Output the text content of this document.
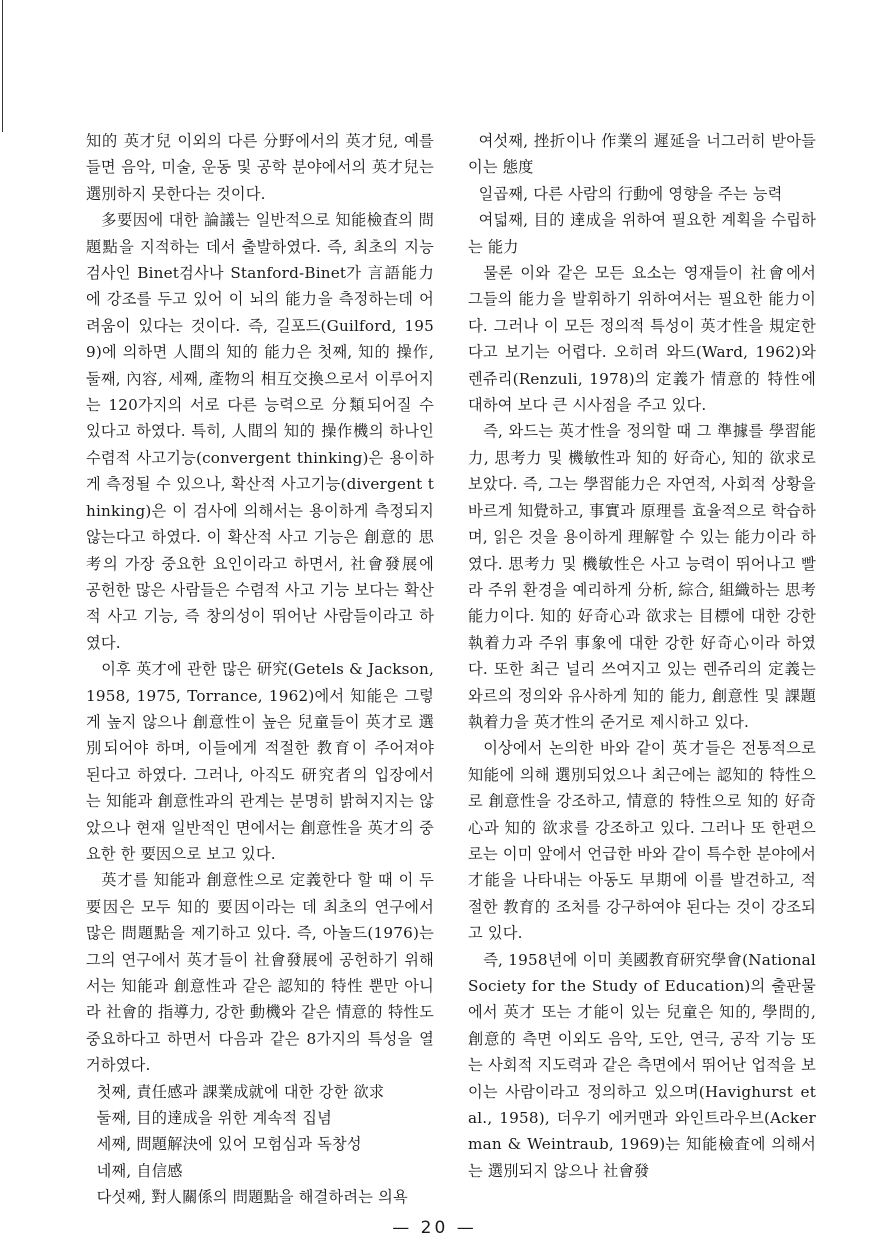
知的 英才兒 이외의 다른 分野에서의 英才兒, 예를 들면 음악, 미술, 운동 및 공학 분야에서의 英才兒는 選別하지 못한다는 것이다.

多要因에 대한 論議는 일반적으로 知能檢査의 問題點을 지적하는 데서 출발하였다. 즉, 최초의 지능 검사인 Binet검사나 Stanford-Binet가 言語能力에 강조를 두고 있어 이 뇌의 能力을 측정하는데 어려움이 있다는 것이다. 즉, 길포드(Guilford, 1959)에 의하면 人間의 知的 能力은 첫째, 知的 操作, 둘째, 內容, 세째, 產物의 相互交換으로서 이루어지는 120가지의 서로 다른 능력으로 分類되어질 수 있다고 하였다. 특히, 人間의 知的 操作機의 하나인 수렴적 사고기능(convergent thinking)은 용이하게 측정될 수 있으나, 확산적 사고기능(divergent thinking)은 이 검사에 의해서는 용이하게 측정되지 않는다고 하였다. 이 확산적 사고 기능은 創意的 思考의 가장 중요한 요인이라고 하면서, 社會發展에 공헌한 많은 사람들은 수렴적 사고 기능 보다는 확산적 사고 기능, 즉 창의성이 뛰어난 사람들이라고 하였다.

이후 英才에 관한 많은 研究(Getels & Jackson, 1958, 1975, Torrance, 1962)에서 知能은 그렇게 높지 않으나 創意性이 높은 兒童들이 英才로 選別되어야 하며, 이들에게 적절한 教育이 주어져야 된다고 하였다. 그러나, 아직도 研究者의 입장에서는 知能과 創意性과의 관계는 분명히 밝혀지지는 않았으나 현재 일반적인 면에서는 創意性을 英才의 중요한 한 要因으로 보고 있다.

英才를 知能과 創意性으로 定義한다 할 때 이 두 要因은 모두 知的 要因이라는 데 최초의 연구에서 많은 問題點을 제기하고 있다. 즉, 아놀드(1976)는 그의 연구에서 英才들이 社會發展에 공헌하기 위해서는 知能과 創意性과 같은 認知的 特性 뿐만 아니라 社會的 指導力, 강한 動機와 같은 情意的 特性도 중요하다고 하면서 다음과 같은 8가지의 특성을 열거하였다.

첫째, 責任感과 課業成就에 대한 강한 欲求

둘째, 目的達成을 위한 계속적 집념

세째, 問題解決에 있어 모험심과 독창성

네째, 自信感

다섯째, 對人關係의 問題點을 해결하려는 의욕

여섯째, 挫折이나 作業의 遲延을 너그러히 받아들이는 態度

일곱째, 다른 사람의 行動에 영향을 주는 능력

여덟째, 目的 達成을 위하여 필요한 계획을 수립하는 能力

물론 이와 같은 모든 요소는 영재들이 社會에서 그들의 能力을 발휘하기 위하여서는 필요한 能力이다. 그러나 이 모든 정의적 특성이 英才性을 規定한다고 보기는 어렵다. 오히려 와드(Ward, 1962)와 렌쥬리(Renzuli, 1978)의 定義가 情意的 特性에 대하여 보다 큰 시사점을 주고 있다.

즉, 와드는 英才性을 정의할 때 그 準據를 學習能力, 思考力 및 機敏性과 知的 好奇心, 知的 欲求로 보았다. 즉, 그는 學習能力은 자연적, 사회적 상황을 바르게 知覺하고, 事實과 原理를 효율적으로 학습하며, 읽은 것을 용이하게 理解할 수 있는 能力이라 하였다. 思考力 및 機敏性은 사고 능력이 뛰어나고 빨라 주위 환경을 예리하게 分析, 綜合, 組織하는 思考能力이다. 知的 好奇心과 欲求는 目標에 대한 강한 執着力과 주위 事象에 대한 강한 好奇心이라 하였다. 또한 최근 널리 쓰여지고 있는 렌쥬리의 定義는 와르의 정의와 유사하게 知的 能力, 創意性 및 課題執着力을 英才性의 준거로 제시하고 있다.

이상에서 논의한 바와 같이 英才들은 전통적으로 知能에 의해 選別되었으나 최근에는 認知的 特性으로 創意性을 강조하고, 情意的 特性으로 知的 好奇心과 知的 欲求를 강조하고 있다. 그러나 또 한편으로는 이미 앞에서 언급한 바와 같이 특수한 분야에서 才能을 나타내는 아동도 早期에 이를 발견하고, 적절한 教育的 조처를 강구하여야 된다는 것이 강조되고 있다.

즉, 1958년에 이미 美國教育研究學會(National Society for the Study of Education)의 출판물에서 英才 또는 才能이 있는 兒童은 知的, 學問的, 創意的 측면 이외도 음악, 도안, 연극, 공작 기능 또는 사회적 지도력과 같은 측면에서 뛰어난 업적을 보이는 사람이라고 정의하고 있으며(Havighurst et al., 1958), 더우기 에커맨과 와인트라우브(Ackerman & Weintraub, 1969)는 知能檢査에 의해서는 選別되지 않으나 社會發

— 20 —
